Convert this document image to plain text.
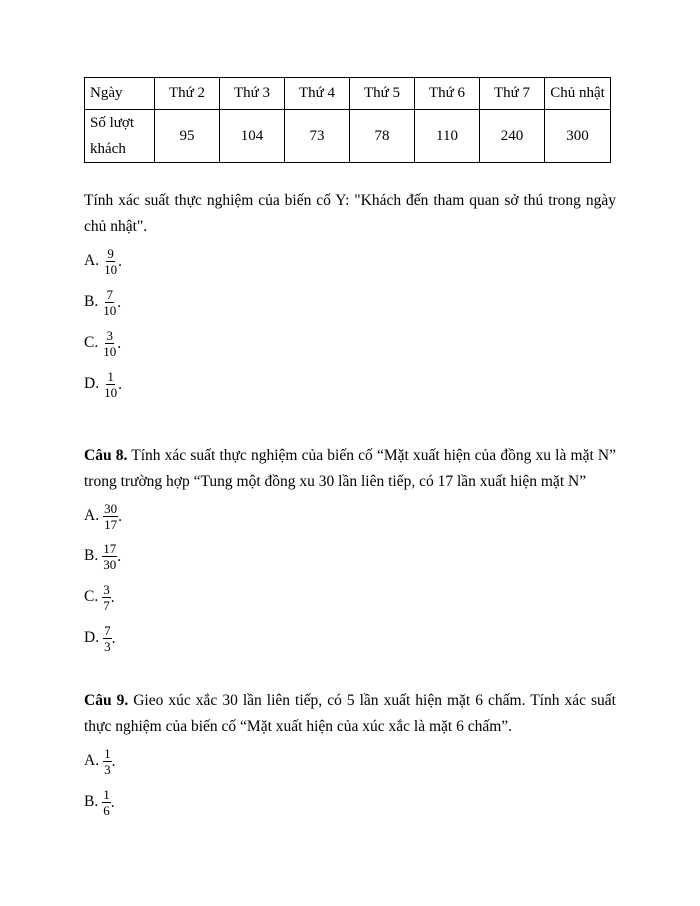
Ngày	Thứ 2	Thứ 3	Thứ 4	Thứ 5	Thứ 6	Thứ 7	Chủ nhật

Số lượt
khách	95	104	73	78	110	240	300
Tính xác suất thực nghiệm của biến cố Y: "Khách đến tham quan sở thú trong ngày chủ nhật".
A. $\frac{9}{10}$ .
B. $\frac{7}{10}$ .
C. $\frac{3}{10}$ .
D. $\frac{1}{10}$ .
Câu 8. Tính xác suất thực nghiệm của biến cố “Mặt xuất hiện của đồng xu là mặt N” trong trường hợp “Tung một đồng xu 30 lần liên tiếp, có 17 lần xuất hiện mặt N”
A. $\frac{30}{17}$ .
B. $\frac{17}{30}$ .
C. $\frac{3}{7}$ .
D. $\frac{7}{3}$ .
Câu 9. Gieo xúc xắc 30 lần liên tiếp, có 5 lần xuất hiện mặt 6 chấm. Tính xác suất thực nghiệm của biến cố “Mặt xuất hiện của xúc xắc là mặt 6 chấm”.
A. $\frac{1}{3}$ .
B. $\frac{1}{6}$ .
